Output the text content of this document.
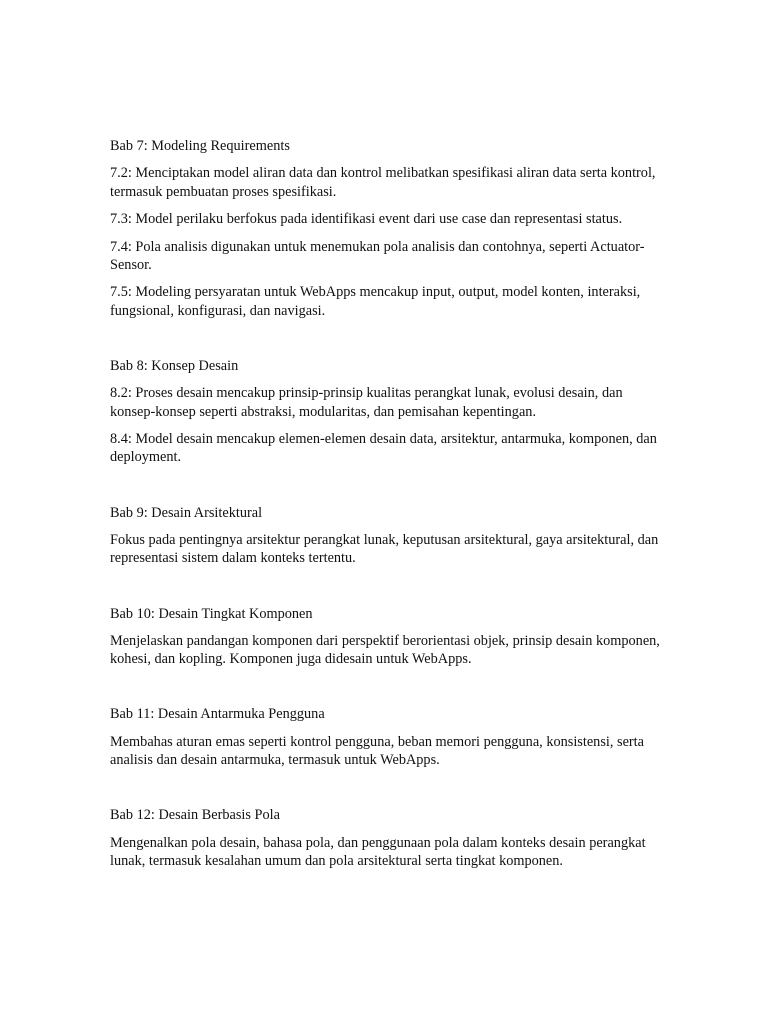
Bab 7: Modeling Requirements

7.2: Menciptakan model aliran data dan kontrol melibatkan spesifikasi aliran data serta kontrol, termasuk pembuatan proses spesifikasi.

7.3: Model perilaku berfokus pada identifikasi event dari use case dan representasi status.

7.4: Pola analisis digunakan untuk menemukan pola analisis dan contohnya, seperti Actuator-Sensor.

7.5: Modeling persyaratan untuk WebApps mencakup input, output, model konten, interaksi, fungsional, konfigurasi, dan navigasi.

Bab 8: Konsep Desain

8.2: Proses desain mencakup prinsip-prinsip kualitas perangkat lunak, evolusi desain, dan konsep-konsep seperti abstraksi, modularitas, dan pemisahan kepentingan.

8.4: Model desain mencakup elemen-elemen desain data, arsitektur, antarmuka, komponen, dan deployment.

Bab 9: Desain Arsitektural

Fokus pada pentingnya arsitektur perangkat lunak, keputusan arsitektural, gaya arsitektural, dan representasi sistem dalam konteks tertentu.

Bab 10: Desain Tingkat Komponen

Menjelaskan pandangan komponen dari perspektif berorientasi objek, prinsip desain komponen, kohesi, dan kopling. Komponen juga didesain untuk WebApps.

Bab 11: Desain Antarmuka Pengguna

Membahas aturan emas seperti kontrol pengguna, beban memori pengguna, konsistensi, serta analisis dan desain antarmuka, termasuk untuk WebApps.

Bab 12: Desain Berbasis Pola

Mengenalkan pola desain, bahasa pola, dan penggunaan pola dalam konteks desain perangkat lunak, termasuk kesalahan umum dan pola arsitektural serta tingkat komponen.
